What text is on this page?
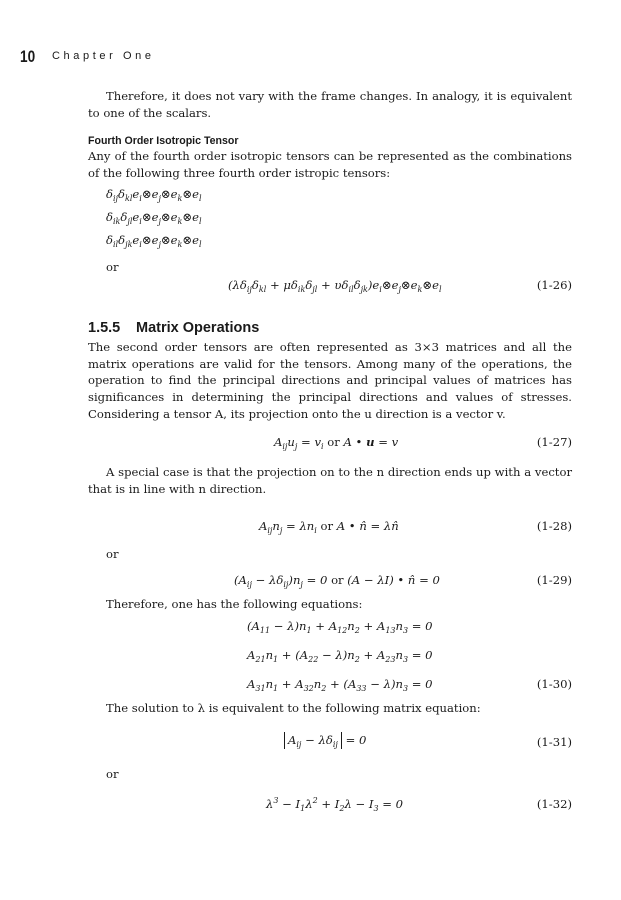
10 Chapter One

Therefore, it does not vary with the frame changes. In analogy, it is equivalent to one of the scalars.

Fourth Order Isotropic Tensor

Any of the fourth order isotropic tensors can be represented as the combinations of the following three fourth order istropic tensors:

$\delta_{ij}\delta_{kl}e_i\otimes e_j\otimes e_k\otimes e_l$
$\delta_{ik}\delta_{jl}e_i\otimes e_j\otimes e_k\otimes e_l$
$\delta_{il}\delta_{jk}e_i\otimes e_j\otimes e_k\otimes e_l$

or

($\lambda\delta_{ij}\delta_{kl} + \mu\delta_{ik}\delta_{jl}$ + $\upsilon\delta_{il}\delta_{jk})e_i\otimes e_j\otimes e_k\otimes e_l$	(1-26)
1.5.5 Matrix Operations

The second order tensors are often represented as 3×3 matrices and all the matrix operations are valid for the tensors. Among many of the operations, the operation to find the principal directions and principal values of matrices has significances in determining the principal directions and values of stresses. Considering a tensor A, its projection onto the u direction is a vector v.

$A_{ij}u_j = v_i$ or A • u = v	(1-27)

A special case is that the projection on to the n direction ends up with a vector that is in line with n direction.

$A_{ij}n_j = \lambda n_i$ or A • n̂ = λn̂	(1-28)

or

$(A_{ij} - \lambda\delta_{ij})n_j = 0$ or (A − λI) • n̂ = 0	(1-29)

Therefore, one has the following equations:

$(A_{11} - \lambda)n_1 + A_{12}n_2 + A_{13}n_3 = 0$
$A_{21}n_1 + (A_{22} - \lambda)n_2 + A_{23}n_3 = 0$
$A_{31}n_1 + A_{32}n_2 + (A_{33} - \lambda)n_3 = 0$	(1-30)

The solution to λ is equivalent to the following matrix equation:

$A_{ij} - \lambda\delta_{ij} = 0$	(1-31)

or

$\lambda^3 - I_1\lambda^2 + I_2\lambda - I_3 = 0$	(1-32)
